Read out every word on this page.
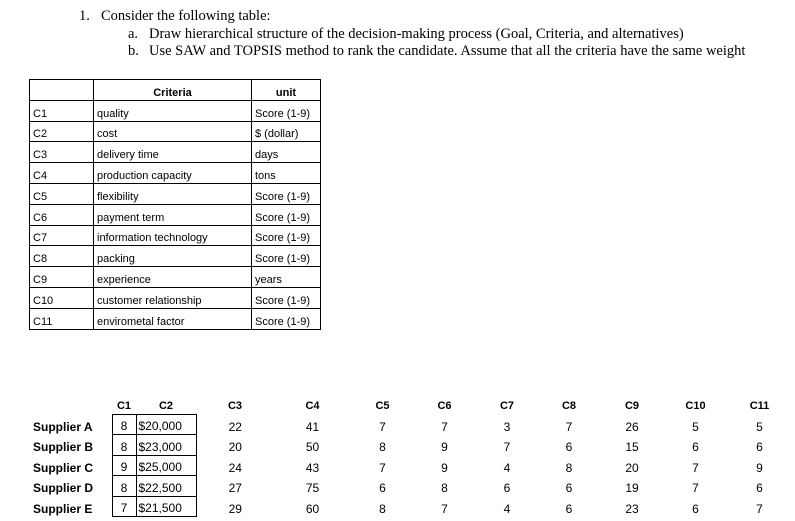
1. Consider the following table:
a. Draw hierarchical structure of the decision-making process (Goal, Criteria, and alternatives)
b. Use SAW and TOPSIS method to rank the candidate. Assume that all the criteria have the same weight
	Criteria	unit
C1	quality	Score (1-9)
C2	cost	$ (dollar)
C3	delivery time	days
C4	production capacity	tons
C5	flexibility	Score (1-9)
C6	payment term	Score (1-9)
C7	information technology	Score (1-9)
C8	packing	Score (1-9)
C9	experience	years
C10	customer relationship	Score (1-9)
C11	envirometal factor	Score (1-9)
	C1	C2	C3	C4	C5	C6	C7	C8	C9	C10	C11
Supplier A	8	$20,000	22	41	7	7	3	7	26	5	5
Supplier B	8	$23,000	20	50	8	9	7	6	15	6	6
Supplier C	9	$25,000	24	43	7	9	4	8	20	7	9
Supplier D	8	$22,500	27	75	6	8	6	6	19	7	6
Supplier E	7	$21,500	29	60	8	7	4	6	23	6	7
